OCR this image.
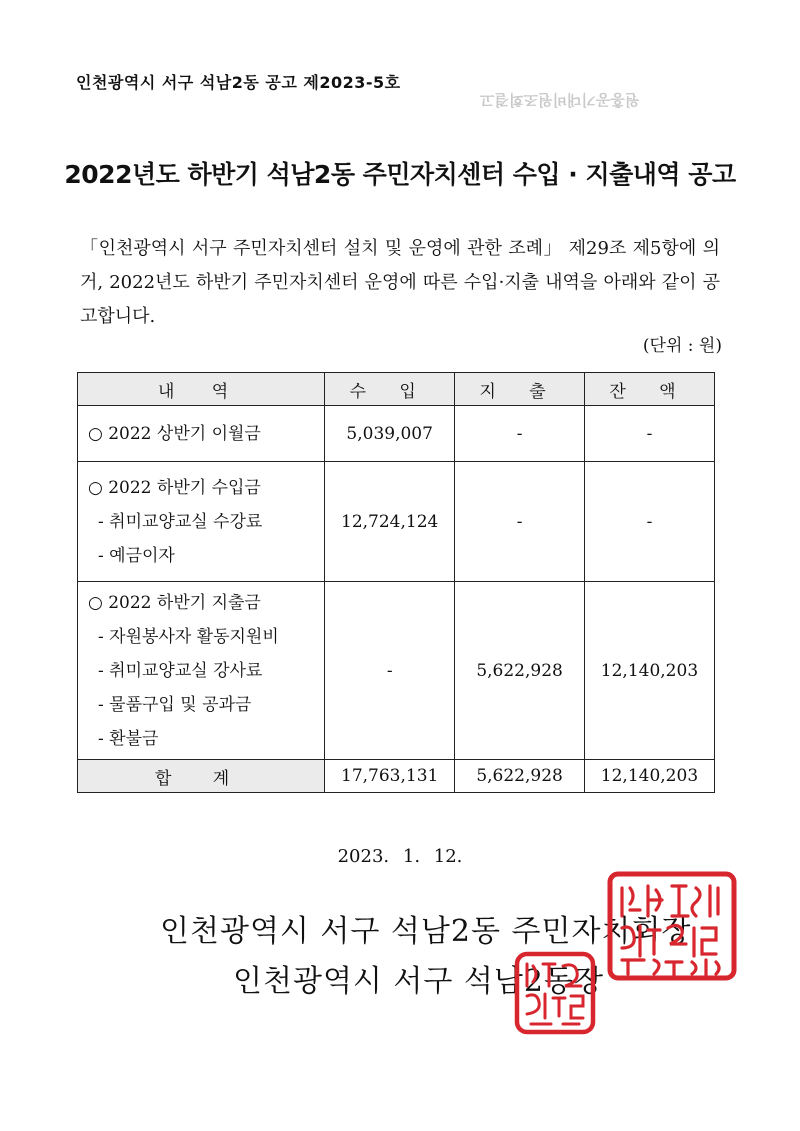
인천광역시 서구 석남2동 공고 제2023-5호
원흥공기대비원조회결고
2022년도 하반기 석남2동 주민자치센터 수입 · 지출내역 공고
「인천광역시 서구 주민자치센터 설치 및 운영에 관한 조례」 제29조 제5항에 의거, 2022년도 하반기 주민자치센터 운영에 따른 수입·지출 내역을 아래와 같이 공고합니다.
(단위 : 원)
내 역	수 입	지 출	잔 액

○ 2022 상반기 이월금	5,039,007	-	-

○ 2022 하반기 수입금
- 취미교양교실 수강료
- 예금이자	12,724,124	-	-

○ 2022 하반기 지출금
- 자원봉사자 활동지원비
- 취미교양교실 강사료
- 물품구입 및 공과금
- 환불금	-	5,622,928	12,140,203
합 계	17,763,131	5,622,928	12,140,203
2023. 1. 12.
인천광역시 서구 석남2동 주민자치회장
인천광역시 서구 석남2동장
